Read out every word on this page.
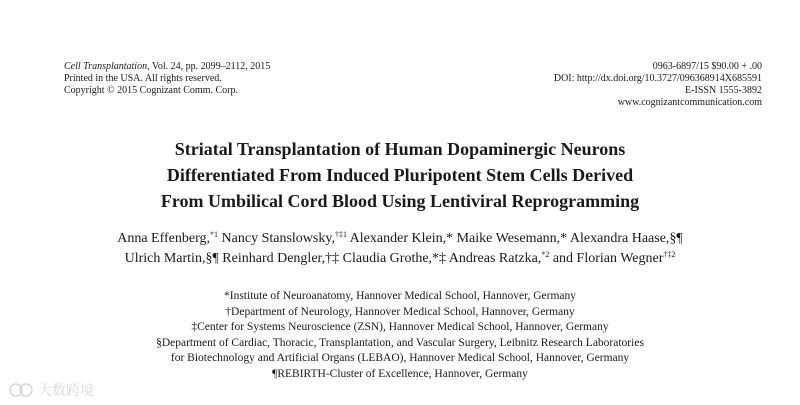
Cell Transplantation, Vol. 24, pp. 2099–2112, 2015
Printed in the USA. All rights reserved.
Copyright © 2015 Cognizant Comm. Corp.
0963-6897/15 $90.00 + .00
DOI: http://dx.doi.org/10.3727/096368914X685591
E-ISSN 1555-3892
www.cognizantcommunication.com
Striatal Transplantation of Human Dopaminergic Neurons
Differentiated From Induced Pluripotent Stem Cells Derived
From Umbilical Cord Blood Using Lentiviral Reprogramming
Anna Effenberg,$^{*1}$ Nancy Stanslowsky,$^{\dagger\ddagger 1}$ Alexander Klein,* Maike Wesemann,* Alexandra Haase,§¶
Ulrich Martin,§¶ Reinhard Dengler,†‡ Claudia Grothe,*‡ Andreas Ratzka,$^{*2}$ and Florian Wegner$^{\dagger\ddagger 2}$
*Institute of Neuroanatomy, Hannover Medical School, Hannover, Germany
†Department of Neurology, Hannover Medical School, Hannover, Germany
‡Center for Systems Neuroscience (ZSN), Hannover Medical School, Hannover, Germany
§Department of Cardiac, Thoracic, Transplantation, and Vascular Surgery, Leibnitz Research Laboratories
for Biotechnology and Artificial Organs (LEBAO), Hannover Medical School, Hannover, Germany
¶REBIRTH-Cluster of Excellence, Hannover, Germany
大数跨境
